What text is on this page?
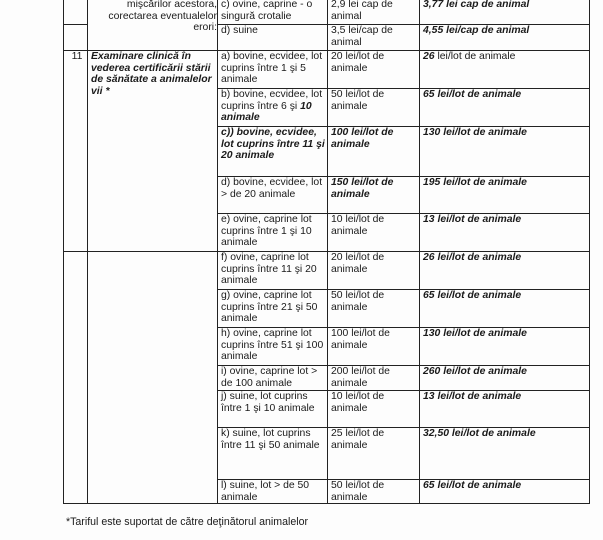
	mişcărilor acestora, corectarea eventualelor erori:	c) ovine, caprine - o singură crotalie	2,9 lei cap de animal	3,77 lei cap de animal
		d) suine	3,5 lei/cap de animal	4,55 lei/cap de animal
11	Examinare clinică în vederea certificării stării de sănătate a animalelor vii *	a) bovine, ecvidee, lot cuprins între 1 şi 5 animale	20 lei/lot de animale	26 lei/lot de animale
		b) bovine, ecvidee, lot cuprins între 6 şi 10 animale	50 lei/lot de animale	65 lei/lot de animale
		c)) bovine, ecvidee, lot cuprins între 11 şi 20 animale	100 lei/lot de animale	130 lei/lot de animale
		d) bovine, ecvidee, lot > de 20 animale	150 lei/lot de animale	195 lei/lot de animale
		e) ovine, caprine lot cuprins între 1 şi 10 animale	10 lei/lot de animale	13 lei/lot de animale
		f) ovine, caprine lot cuprins între 11 şi 20 animale	20 lei/lot de animale	26 lei/lot de animale
		g) ovine, caprine lot cuprins între 21 şi 50 animale	50 lei/lot de animale	65 lei/lot de animale
		h) ovine, caprine lot cuprins între 51 şi 100 animale	100 lei/lot de animale	130 lei/lot de animale
		i) ovine, caprine lot > de 100 animale	200 lei/lot de animale	260 lei/lot de animale
		j) suine, lot cuprins între 1 şi 10 animale	10 lei/lot de animale	13 lei/lot de animale
		k) suine, lot cuprins între 11 şi 50 animale	25 lei/lot de animale	32,50 lei/lot de animale
		l) suine, lot > de 50 animale	50 lei/lot de animale	65 lei/lot de animale
*Tariful este suportat de către deţinătorul animalelor
